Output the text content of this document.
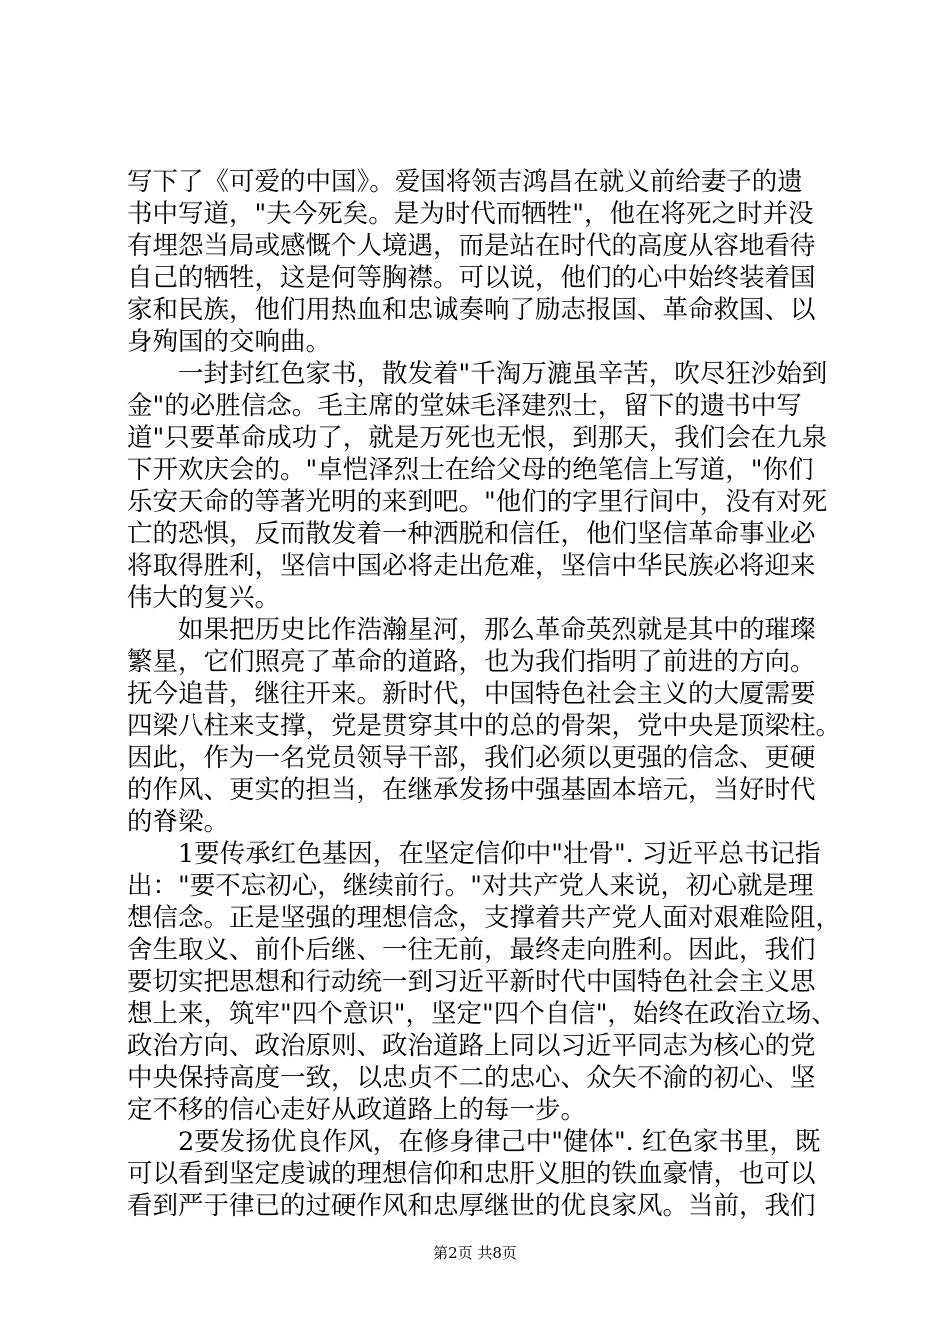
写下了《可爱的中国》。爱国将领吉鸿昌在就义前给妻子的遗
书中写道，"夫今死矣。是为时代而牺牲"，他在将死之时并没
有埋怨当局或感慨个人境遇，而是站在时代的高度从容地看待
自己的牺牲，这是何等胸襟。可以说，他们的心中始终装着国
家和民族，他们用热血和忠诚奏响了励志报国、革命救国、以
身殉国的交响曲。
　　一封封红色家书，散发着"千淘万漉虽辛苦，吹尽狂沙始到
金"的必胜信念。毛主席的堂妹毛泽建烈士，留下的遗书中写
道"只要革命成功了，就是万死也无恨，到那天，我们会在九泉
下开欢庆会的。"卓恺泽烈士在给父母的绝笔信上写道，"你们
乐安天命的等著光明的来到吧。"他们的字里行间中，没有对死
亡的恐惧，反而散发着一种洒脱和信任，他们坚信革命事业必
将取得胜利，坚信中国必将走出危难，坚信中华民族必将迎来
伟大的复兴。
　　如果把历史比作浩瀚星河，那么革命英烈就是其中的璀璨
繁星，它们照亮了革命的道路，也为我们指明了前进的方向。
抚今追昔，继往开来。新时代，中国特色社会主义的大厦需要
四梁八柱来支撑，党是贯穿其中的总的骨架，党中央是顶梁柱。
因此，作为一名党员领导干部，我们必须以更强的信念、更硬
的作风、更实的担当，在继承发扬中强基固本培元，当好时代
的脊梁。
　　1要传承红色基因，在坚定信仰中"壮骨". 习近平总书记指
出："要不忘初心，继续前行。"对共产党人来说，初心就是理
想信念。正是坚强的理想信念，支撑着共产党人面对艰难险阻，
舍生取义、前仆后继、一往无前，最终走向胜利。因此，我们
要切实把思想和行动统一到习近平新时代中国特色社会主义思
想上来，筑牢"四个意识"，坚定"四个自信"，始终在政治立场、
政治方向、政治原则、政治道路上同以习近平同志为核心的党
中央保持高度一致，以忠贞不二的忠心、众矢不渝的初心、坚
定不移的信心走好从政道路上的每一步。
　　2要发扬优良作风，在修身律己中"健体". 红色家书里，既
可以看到坚定虔诚的理想信仰和忠肝义胆的铁血豪情，也可以
看到严于律已的过硬作风和忠厚继世的优良家风。当前，我们
第2页 共8页
